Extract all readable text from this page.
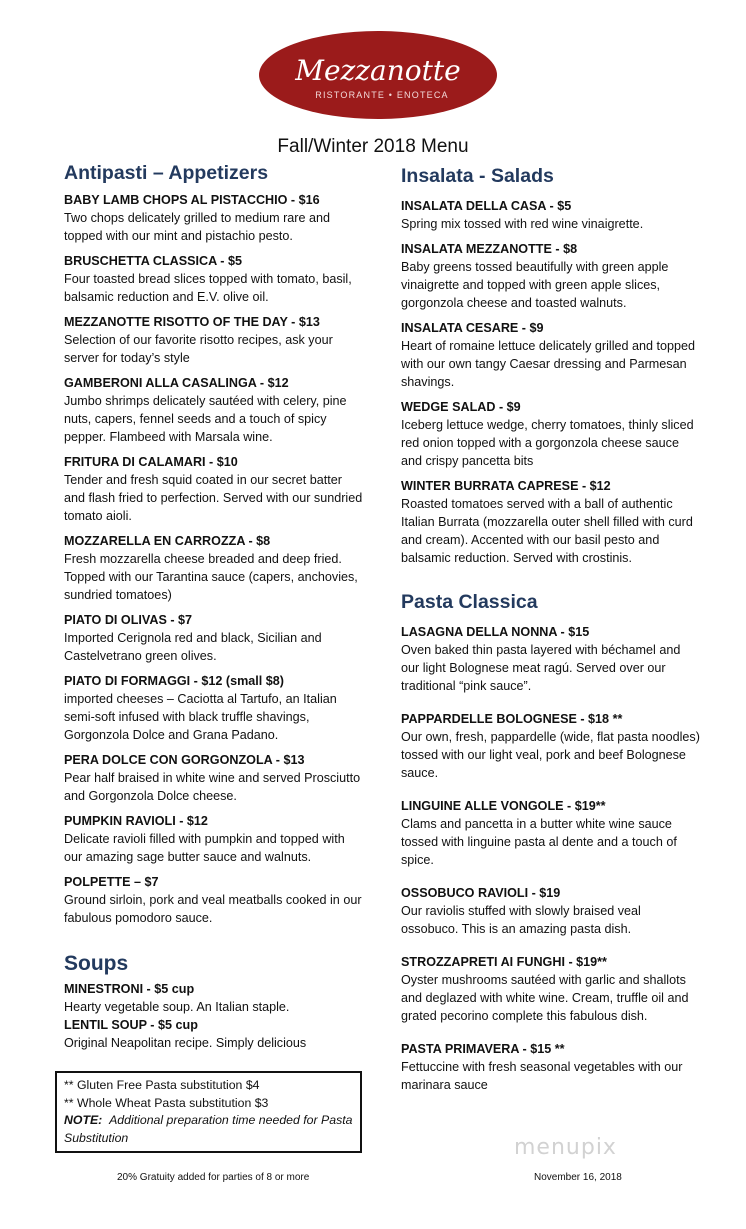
Mezzanotte
RISTORANTE • ENOTECA
Fall/Winter 2018 Menu
Antipasti – Appetizers
BABY LAMB CHOPS AL PISTACCHIO - $16
Two chops delicately grilled to medium rare and topped with our mint and pistachio pesto.
BRUSCHETTA CLASSICA - $5
Four toasted bread slices topped with tomato, basil, balsamic reduction and E.V. olive oil.
MEZZANOTTE RISOTTO OF THE DAY - $13
Selection of our favorite risotto recipes, ask your server for today’s style
GAMBERONI ALLA CASALINGA - $12
Jumbo shrimps delicately sautéed with celery, pine nuts, capers, fennel seeds and a touch of spicy pepper. Flambeed with Marsala wine.
FRITURA DI CALAMARI - $10
Tender and fresh squid coated in our secret batter and flash fried to perfection. Served with our sundried tomato aioli.
MOZZARELLA EN CARROZZA - $8
Fresh mozzarella cheese breaded and deep fried. Topped with our Tarantina sauce (capers, anchovies, sundried tomatoes)
PIATO DI OLIVAS - $7
Imported Cerignola red and black, Sicilian and Castelvetrano green olives.
PIATO DI FORMAGGI - $12 (small $8)
imported cheeses – Caciotta al Tartufo, an Italian semi-soft infused with black truffle shavings, Gorgonzola Dolce and Grana Padano.
PERA DOLCE CON GORGONZOLA - $13
Pear half braised in white wine and served Prosciutto and Gorgonzola Dolce cheese.
PUMPKIN RAVIOLI - $12
Delicate ravioli filled with pumpkin and topped with our amazing sage butter sauce and walnuts.
POLPETTE – $7
Ground sirloin, pork and veal meatballs cooked in our fabulous pomodoro sauce.
Soups
MINESTRONI - $5 cup
Hearty vegetable soup. An Italian staple.
LENTIL SOUP - $5 cup
Original Neapolitan recipe. Simply delicious
** Gluten Free Pasta substitution $4
** Whole Wheat Pasta substitution $3
NOTE: Additional preparation time needed for Pasta Substitution
Insalata - Salads
INSALATA DELLA CASA - $5
Spring mix tossed with red wine vinaigrette.
INSALATA MEZZANOTTE - $8
Baby greens tossed beautifully with green apple vinaigrette and topped with green apple slices, gorgonzola cheese and toasted walnuts.
INSALATA CESARE - $9
Heart of romaine lettuce delicately grilled and topped with our own tangy Caesar dressing and Parmesan shavings.
WEDGE SALAD - $9
Iceberg lettuce wedge, cherry tomatoes, thinly sliced red onion topped with a gorgonzola cheese sauce and crispy pancetta bits
WINTER BURRATA CAPRESE - $12
Roasted tomatoes served with a ball of authentic Italian Burrata (mozzarella outer shell filled with curd and cream). Accented with our basil pesto and balsamic reduction. Served with crostinis.
Pasta Classica
LASAGNA DELLA NONNA - $15
Oven baked thin pasta layered with béchamel and our light Bolognese meat ragú. Served over our traditional “pink sauce”.
PAPPARDELLE BOLOGNESE - $18 **
Our own, fresh, pappardelle (wide, flat pasta noodles) tossed with our light veal, pork and beef Bolognese sauce.
LINGUINE ALLE VONGOLE - $19**
Clams and pancetta in a butter white wine sauce tossed with linguine pasta al dente and a touch of spice.
OSSOBUCO RAVIOLI - $19
Our raviolis stuffed with slowly braised veal ossobuco. This is an amazing pasta dish.
STROZZAPRETI AI FUNGHI - $19**
Oyster mushrooms sautéed with garlic and shallots and deglazed with white wine. Cream, truffle oil and grated pecorino complete this fabulous dish.
PASTA PRIMAVERA - $15 **
Fettuccine with fresh seasonal vegetables with our marinara sauce
menupix
20% Gratuity added for parties of 8 or more	November 16, 2018
